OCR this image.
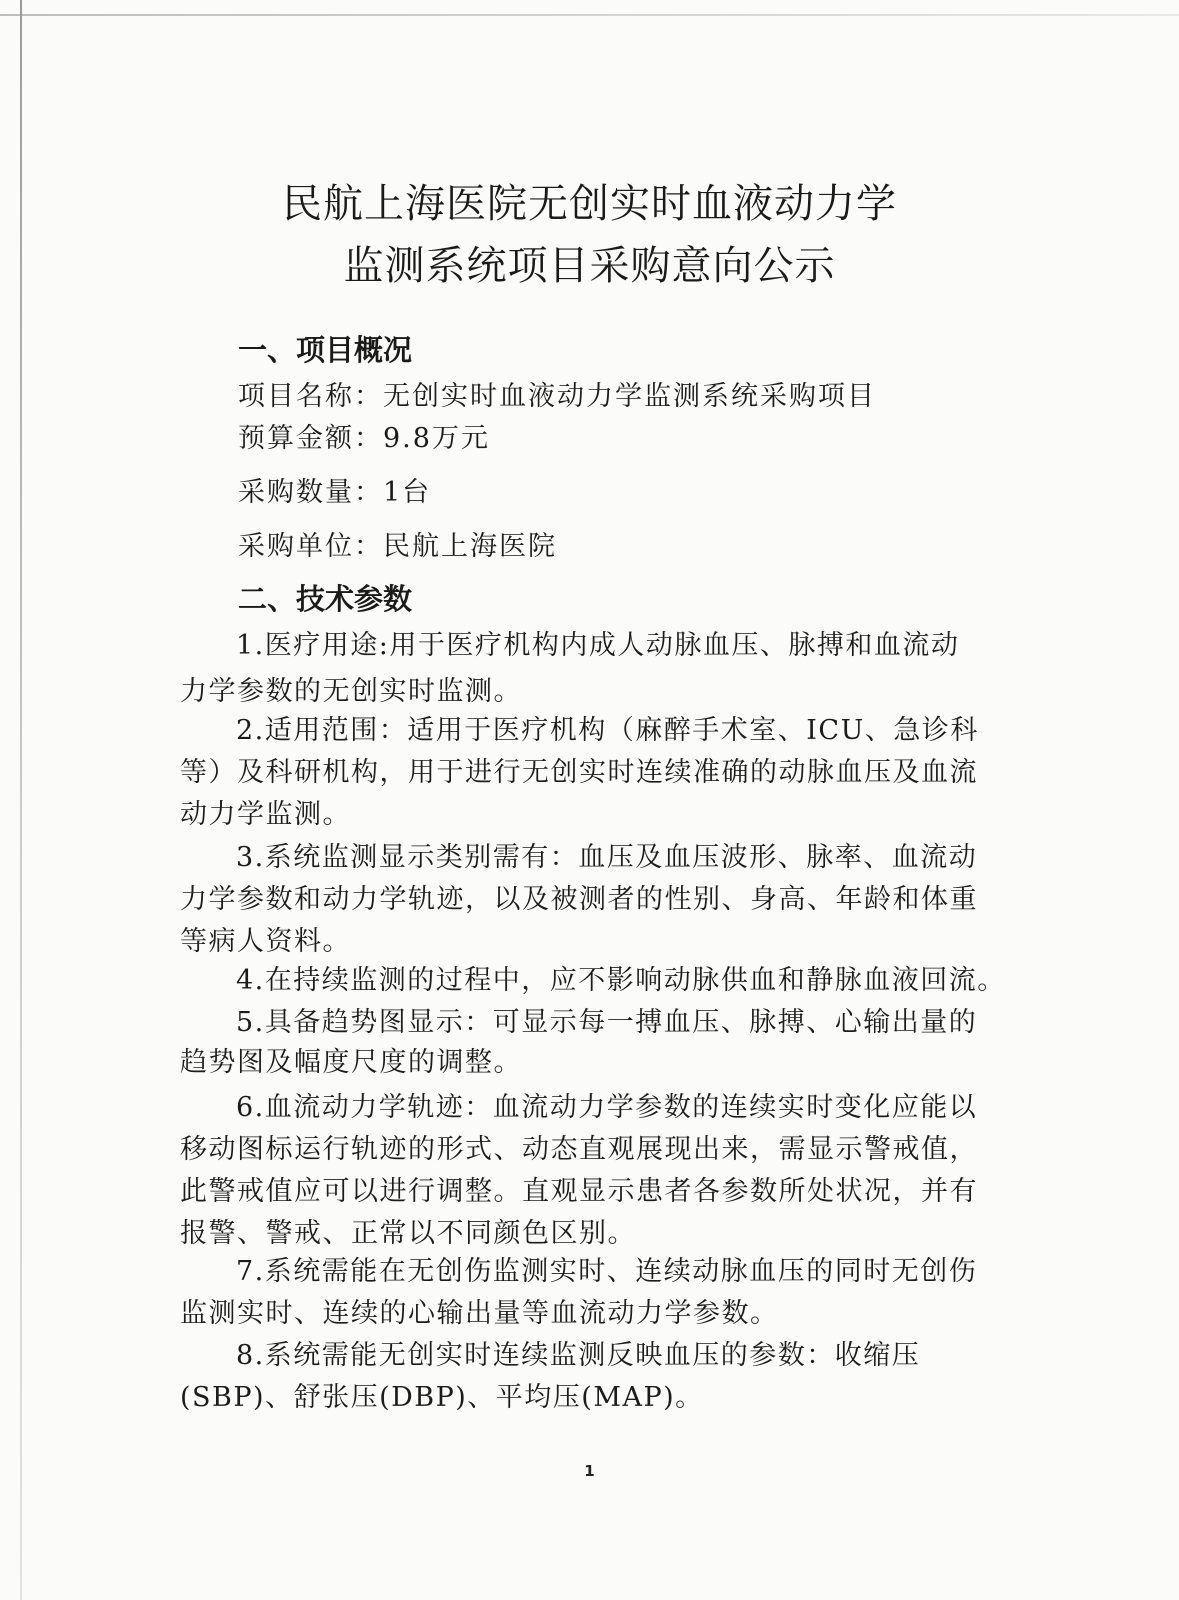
民航上海医院无创实时血液动力学
监测系统项目采购意向公示
一、项目概况
项目名称：无创实时血液动力学监测系统采购项目
预算金额：9.8万元
采购数量：1台
采购单位：民航上海医院
二、技术参数
1.医疗用途:用于医疗机构内成人动脉血压、脉搏和血流动
力学参数的无创实时监测。
2.适用范围：适用于医疗机构（麻醉手术室、ICU、急诊科
等）及科研机构，用于进行无创实时连续准确的动脉血压及血流
动力学监测。
3.系统监测显示类别需有：血压及血压波形、脉率、血流动
力学参数和动力学轨迹，以及被测者的性别、身高、年龄和体重
等病人资料。
4.在持续监测的过程中，应不影响动脉供血和静脉血液回流。
5.具备趋势图显示：可显示每一搏血压、脉搏、心输出量的
趋势图及幅度尺度的调整。
6.血流动力学轨迹：血流动力学参数的连续实时变化应能以
移动图标运行轨迹的形式、动态直观展现出来，需显示警戒值，
此警戒值应可以进行调整。直观显示患者各参数所处状况，并有
报警、警戒、正常以不同颜色区别。
7.系统需能在无创伤监测实时、连续动脉血压的同时无创伤
监测实时、连续的心输出量等血流动力学参数。
8.系统需能无创实时连续监测反映血压的参数：收缩压
(SBP)、舒张压(DBP)、平均压(MAP)。
1
